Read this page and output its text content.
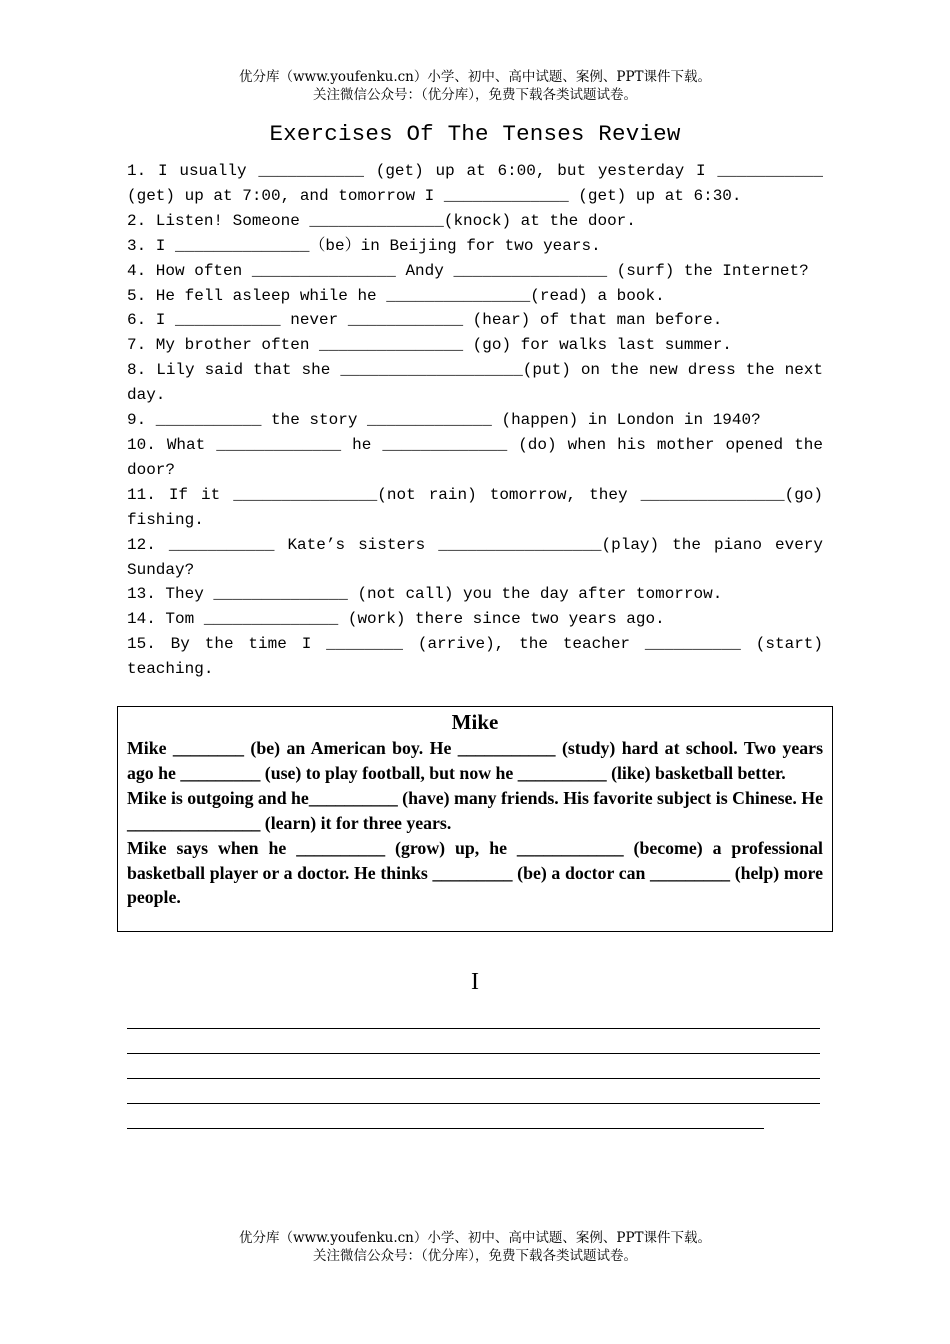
优分库（www.youfenku.cn）小学、初中、高中试题、案例、PPT课件下载。
关注微信公众号：（优分库），免费下载各类试题试卷。
Exercises Of The Tenses Review
1. I usually ___________ (get) up at 6:00, but yesterday I ___________ (get) up at 7:00, and tomorrow I _____________ (get) up at 6:30.
2. Listen! Someone ______________(knock) at the door.
3. I ______________（be）in Beijing for two years.
4. How often _______________ Andy ________________ (surf) the Internet?
5. He fell asleep while he _______________(read) a book.
6. I ___________ never ____________ (hear) of that man before.
7. My brother often _______________ (go) for walks last summer.
8. Lily said that she ___________________(put) on the new dress the next day.
9. ___________ the story _____________ (happen) in London in 1940?
10. What _____________ he _____________ (do) when his mother opened the door?
11. If it _______________(not rain) tomorrow, they _______________(go) fishing.
12. ___________ Kate’s sisters _________________(play) the piano every Sunday?
13. They ______________ (not call) you the day after tomorrow.
14. Tom ______________ (work) there since two years ago.
15. By the time I ________ (arrive), the teacher __________ (start) teaching.
Mike

Mike ________ (be) an American boy. He ___________ (study) hard at school. Two years ago he _________ (use) to play football, but now he __________ (like) basketball better.

Mike is outgoing and he__________ (have) many friends. His favorite subject is Chinese. He _______________ (learn) it for three years.

Mike says when he __________ (grow) up, he ____________ (become) a professional basketball player or a doctor. He thinks _________ (be) a doctor can _________ (help) more people.

I
优分库（www.youfenku.cn）小学、初中、高中试题、案例、PPT课件下载。
关注微信公众号：（优分库），免费下载各类试题试卷。
